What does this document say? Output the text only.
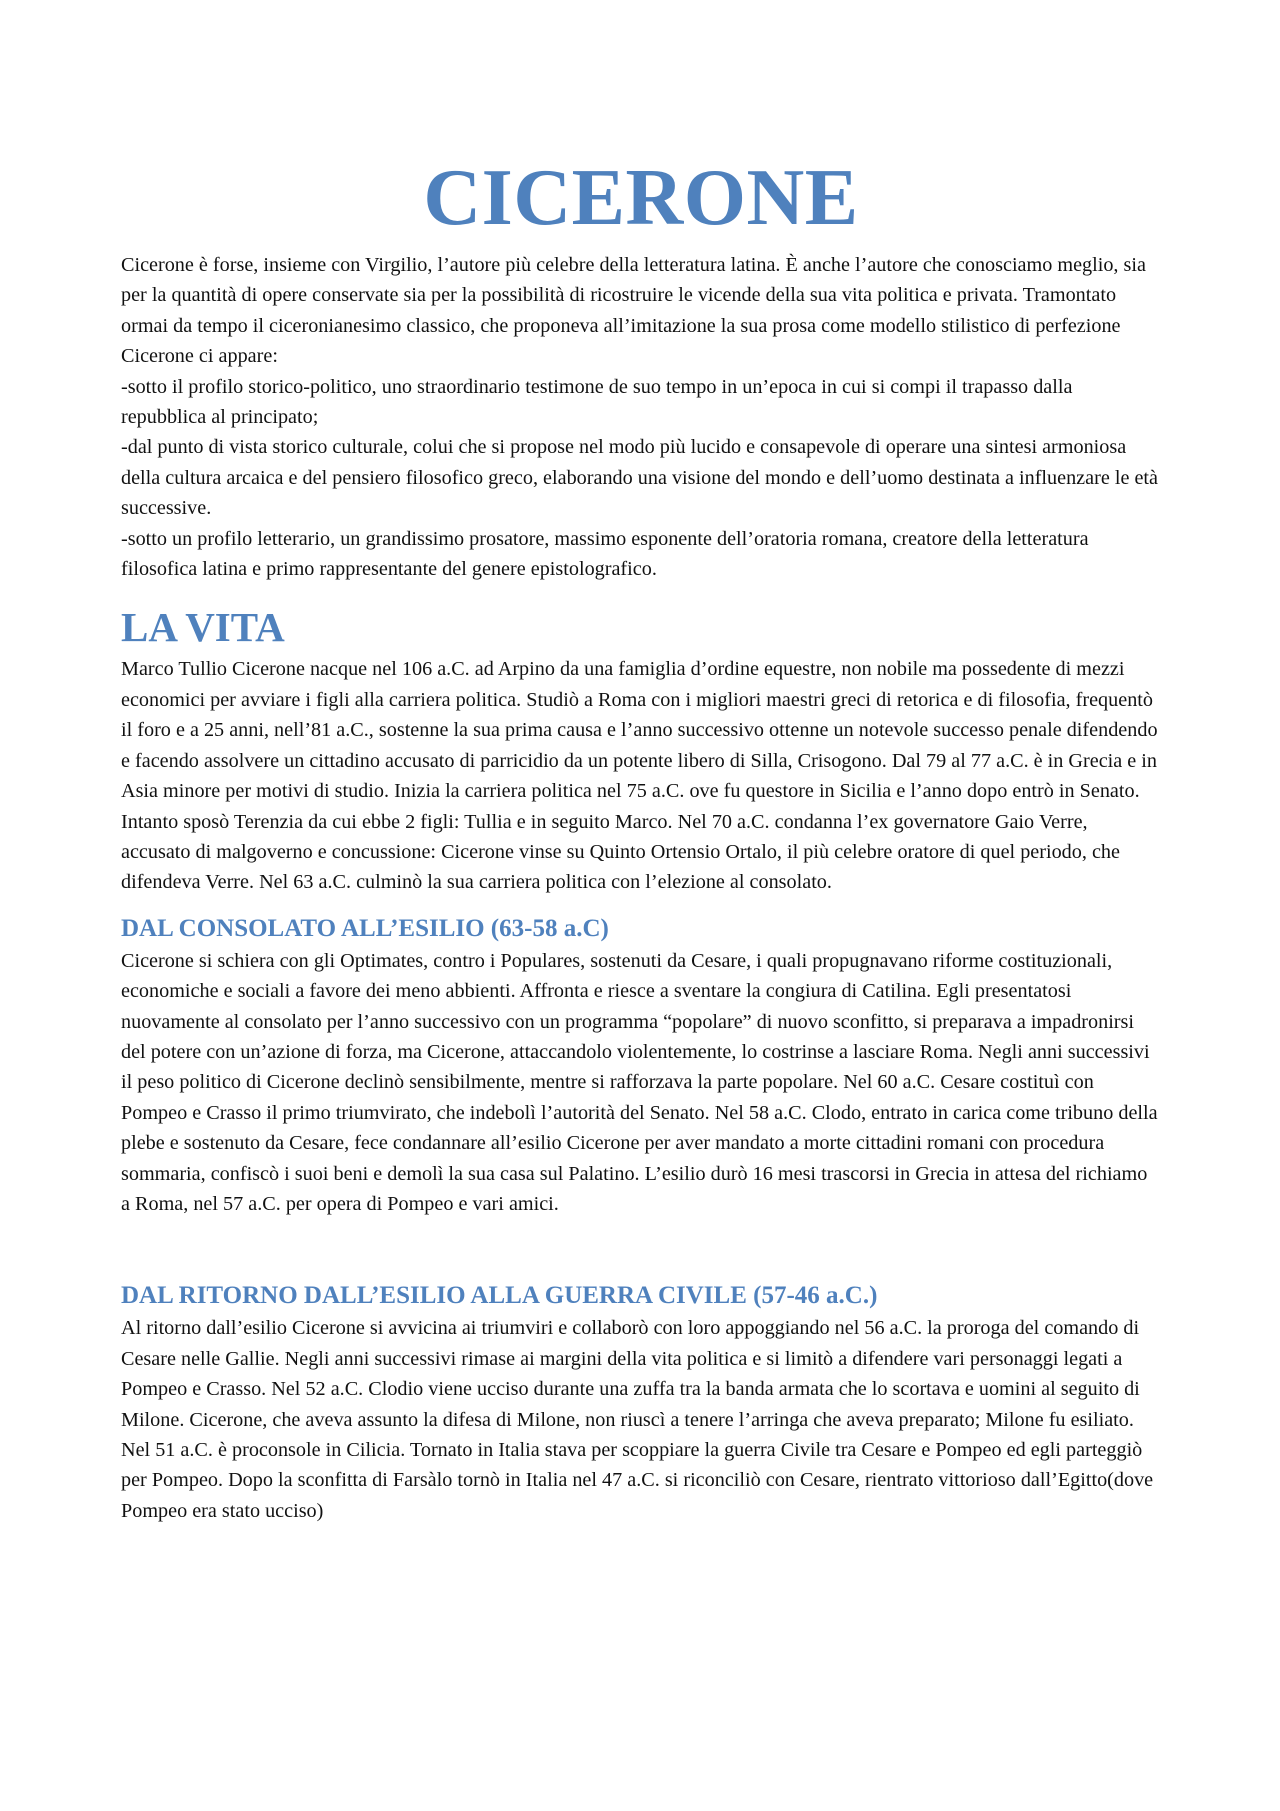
CICERONE

Cicerone è forse, insieme con Virgilio, l’autore più celebre della letteratura latina. È anche l’autore che conosciamo meglio, sia per la quantità di opere conservate sia per la possibilità di ricostruire le vicende della sua vita politica e privata. Tramontato ormai da tempo il ciceronianesimo classico, che proponeva all’imitazione la sua prosa come modello stilistico di perfezione Cicerone ci appare:
-sotto il profilo storico-politico, uno straordinario testimone de suo tempo in un’epoca in cui si compi il trapasso dalla repubblica al principato;
-dal punto di vista storico culturale, colui che si propose nel modo più lucido e consapevole di operare una sintesi armoniosa della cultura arcaica e del pensiero filosofico greco, elaborando una visione del mondo e dell’uomo destinata a influenzare le età successive.
-sotto un profilo letterario, un grandissimo prosatore, massimo esponente dell’oratoria romana, creatore della letteratura filosofica latina e primo rappresentante del genere epistolografico.

LA VITA

Marco Tullio Cicerone nacque nel 106 a.C. ad Arpino da una famiglia d’ordine equestre, non nobile ma possedente di mezzi economici per avviare i figli alla carriera politica. Studiò a Roma con i migliori maestri greci di retorica e di filosofia, frequentò il foro e a 25 anni, nell’81 a.C., sostenne la sua prima causa e l’anno successivo ottenne un notevole successo penale difendendo e facendo assolvere un cittadino accusato di parricidio da un potente libero di Silla, Crisogono. Dal 79 al 77 a.C. è in Grecia e in Asia minore per motivi di studio. Inizia la carriera politica nel 75 a.C. ove fu questore in Sicilia e l’anno dopo entrò in Senato. Intanto sposò Terenzia da cui ebbe 2 figli: Tullia e in seguito Marco. Nel 70 a.C. condanna l’ex governatore Gaio Verre, accusato di malgoverno e concussione: Cicerone vinse su Quinto Ortensio Ortalo, il più celebre oratore di quel periodo, che difendeva Verre. Nel 63 a.C. culminò la sua carriera politica con l’elezione al consolato.

DAL CONSOLATO ALL’ESILIO (63-58 a.C)

Cicerone si schiera con gli Optimates, contro i Populares, sostenuti da Cesare, i quali propugnavano riforme costituzionali, economiche e sociali a favore dei meno abbienti. Affronta e riesce a sventare la congiura di Catilina. Egli presentatosi nuovamente al consolato per l’anno successivo con un programma “popolare” di nuovo sconfitto, si preparava a impadronirsi del potere con un’azione di forza, ma Cicerone, attaccandolo violentemente, lo costrinse a lasciare Roma. Negli anni successivi il peso politico di Cicerone declinò sensibilmente, mentre si rafforzava la parte popolare. Nel 60 a.C. Cesare costituì con Pompeo e Crasso il primo triumvirato, che indebolì l’autorità del Senato. Nel 58 a.C. Clodo, entrato in carica come tribuno della plebe e sostenuto da Cesare, fece condannare all’esilio Cicerone per aver mandato a morte cittadini romani con procedura sommaria, confiscò i suoi beni e demolì la sua casa sul Palatino. L’esilio durò 16 mesi trascorsi in Grecia in attesa del richiamo a Roma, nel 57 a.C. per opera di Pompeo e vari amici.

DAL RITORNO DALL’ESILIO ALLA GUERRA CIVILE (57-46 a.C.)

Al ritorno dall’esilio Cicerone si avvicina ai triumviri e collaborò con loro appoggiando nel 56 a.C. la proroga del comando di Cesare nelle Gallie. Negli anni successivi rimase ai margini della vita politica e si limitò a difendere vari personaggi legati a Pompeo e Crasso. Nel 52 a.C. Clodio viene ucciso durante una zuffa tra la banda armata che lo scortava e uomini al seguito di Milone. Cicerone, che aveva assunto la difesa di Milone, non riuscì a tenere l’arringa che aveva preparato; Milone fu esiliato. Nel 51 a.C. è proconsole in Cilicia. Tornato in Italia stava per scoppiare la guerra Civile tra Cesare e Pompeo ed egli parteggiò per Pompeo. Dopo la sconfitta di Farsàlo tornò in Italia nel 47 a.C. si riconciliò con Cesare, rientrato vittorioso dall’Egitto(dove Pompeo era stato ucciso)
